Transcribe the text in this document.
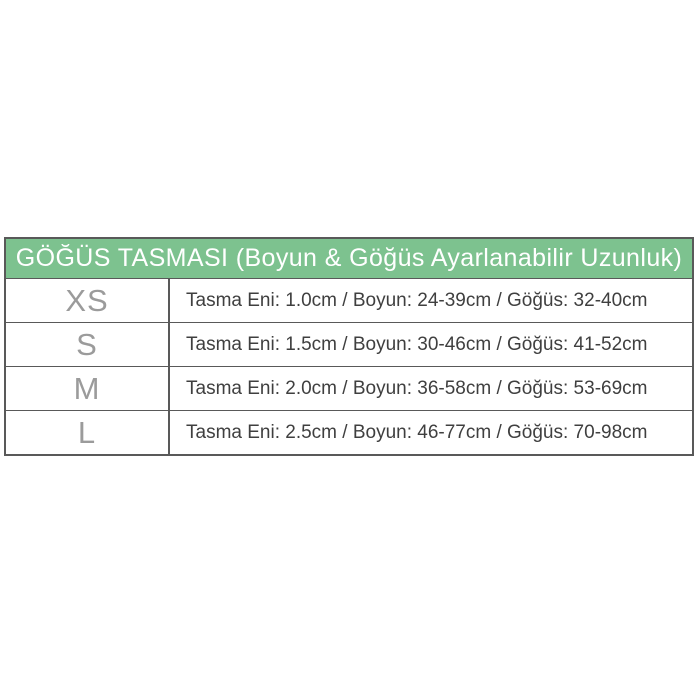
GÖĞÜS TASMASI (Boyun & Göğüs Ayarlanabilir Uzunluk)
XS	Tasma Eni: 1.0cm / Boyun: 24-39cm / Göğüs: 32-40cm
S	Tasma Eni: 1.5cm / Boyun: 30-46cm / Göğüs: 41-52cm
M	Tasma Eni: 2.0cm / Boyun: 36-58cm / Göğüs: 53-69cm
L	Tasma Eni: 2.5cm / Boyun: 46-77cm / Göğüs: 70-98cm
